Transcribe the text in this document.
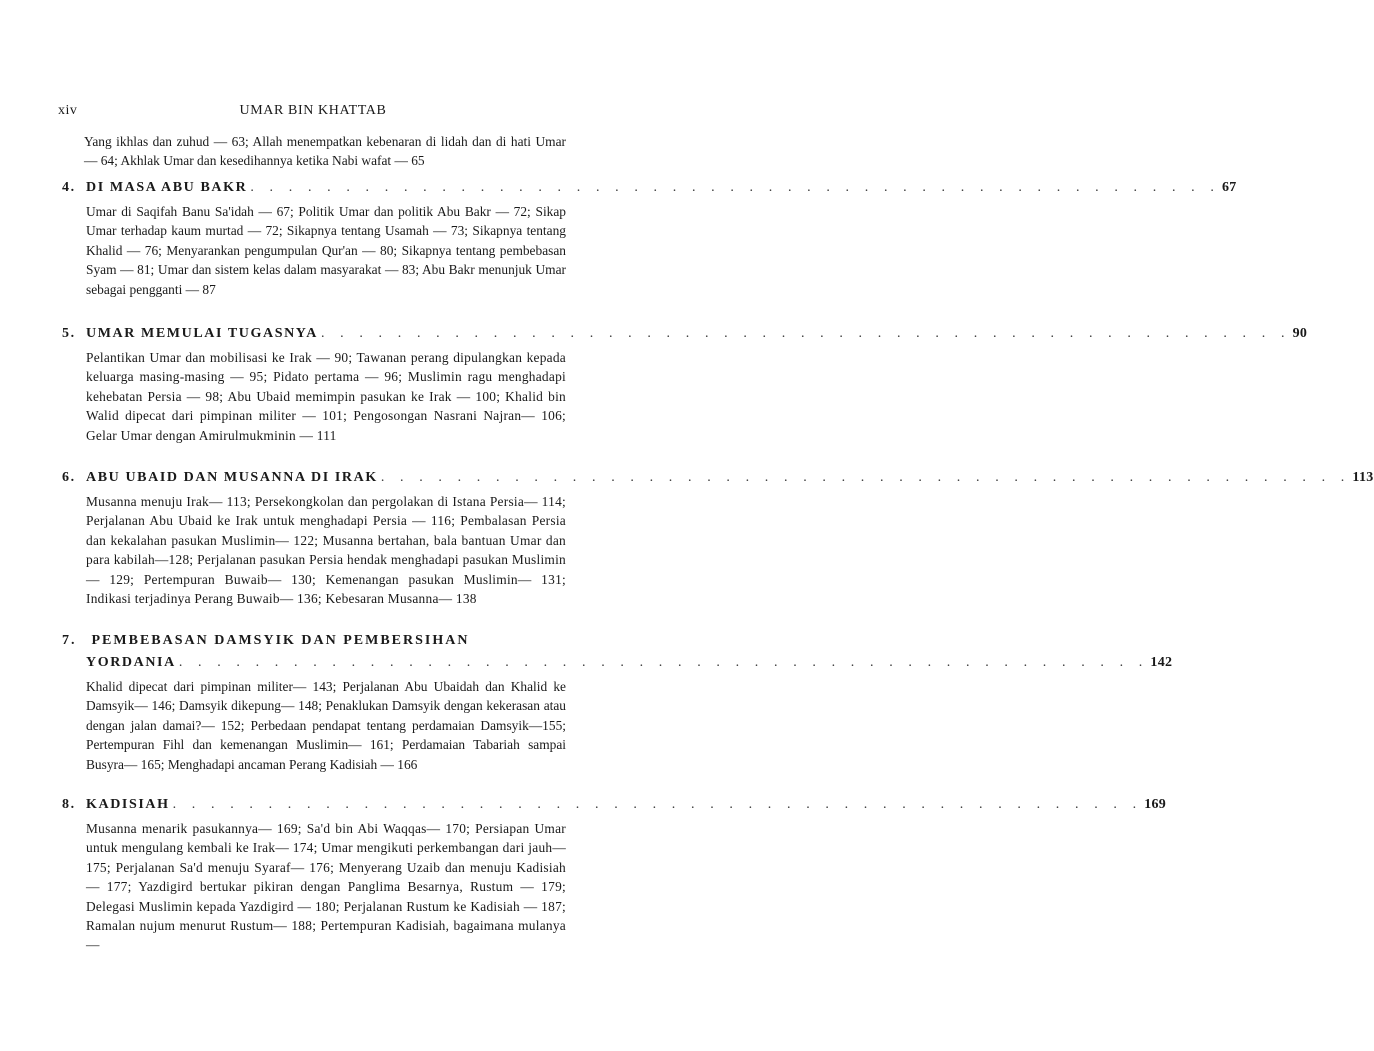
xiv	UMAR BIN KHATTAB
Yang ikhlas dan zuhud — 63; Allah menempatkan kebenaran di lidah dan di hati Umar — 64; Akhlak Umar dan kesedihannya ketika Nabi wafat — 65
4. DI MASA ABU BAKR . . . . . . . . . . . . . . . . . . . . . . . . . . . . . . . . . . . . . . . . . . . . . . . . . . . 67
Umar di Saqifah Banu Sa'idah — 67; Politik Umar dan politik Abu Bakr — 72; Sikap Umar terhadap kaum murtad — 72; Sikapnya tentang Usamah — 73; Sikapnya tentang Khalid — 76; Menyarankan pengumpulan Qur'an — 80; Sikapnya tentang pembebasan Syam — 81; Umar dan sistem kelas dalam masyarakat — 83; Abu Bakr menunjuk Umar sebagai pengganti — 87
5. UMAR MEMULAI TUGASNYA . . . . . . . . . . . . . . . . . . . . . . . . . . . . . . . . . . . . . . . . . . . . . . . . . . . 90
Pelantikan Umar dan mobilisasi ke Irak — 90; Tawanan perang dipulangkan kepada keluarga masing-masing — 95; Pidato pertama — 96; Muslimin ragu menghadapi kehebatan Persia — 98; Abu Ubaid memimpin pasukan ke Irak — 100; Khalid bin Walid dipecat dari pimpinan militer — 101; Pengosongan Nasrani Najran— 106; Gelar Umar dengan Amirulmukminin — 111
6. ABU UBAID DAN MUSANNA DI IRAK . . . . . . . . . . . . . . . . . . . . . . . . . . . . . . . . . . . . . . . . . . . . . . . . . . . 113
Musanna menuju Irak— 113; Persekongkolan dan pergolakan di Istana Persia— 114; Perjalanan Abu Ubaid ke Irak untuk menghadapi Persia — 116; Pembalasan Persia dan kekalahan pasukan Muslimin— 122; Musanna bertahan, bala bantuan Umar dan para kabilah—128; Perjalanan pasukan Persia hendak menghadapi pasukan Muslimin — 129; Pertempuran Buwaib— 130; Kemenangan pasukan Muslimin— 131; Indikasi terjadinya Perang Buwaib— 136; Kebesaran Musanna— 138
7. PEMBEBASAN DAMSYIK DAN PEMBERSIHAN
YORDANIA . . . . . . . . . . . . . . . . . . . . . . . . . . . . . . . . . . . . . . . . . . . . . . . . . . . 142
Khalid dipecat dari pimpinan militer— 143; Perjalanan Abu Ubaidah dan Khalid ke Damsyik— 146; Damsyik dikepung— 148; Penaklukan Damsyik dengan kekerasan atau dengan jalan damai?— 152; Perbedaan pendapat tentang perdamaian Damsyik—155; Pertempuran Fihl dan kemenangan Muslimin— 161; Perdamaian Tabariah sampai Busyra— 165; Menghadapi ancaman Perang Kadisiah — 166
8. KADISIAH . . . . . . . . . . . . . . . . . . . . . . . . . . . . . . . . . . . . . . . . . . . . . . . . . . . 169
Musanna menarik pasukannya— 169; Sa'd bin Abi Waqqas— 170; Persiapan Umar untuk mengulang kembali ke Irak— 174; Umar mengikuti perkembangan dari jauh— 175; Perjalanan Sa'd menuju Syaraf— 176; Menyerang Uzaib dan menuju Kadisiah — 177; Yazdigird bertukar pikiran dengan Panglima Besarnya, Rustum — 179; Delegasi Muslimin kepada Yazdigird — 180; Perjalanan Rustum ke Kadisiah — 187; Ramalan nujum menurut Rustum— 188; Pertempuran Kadisiah, bagaimana mulanya —
